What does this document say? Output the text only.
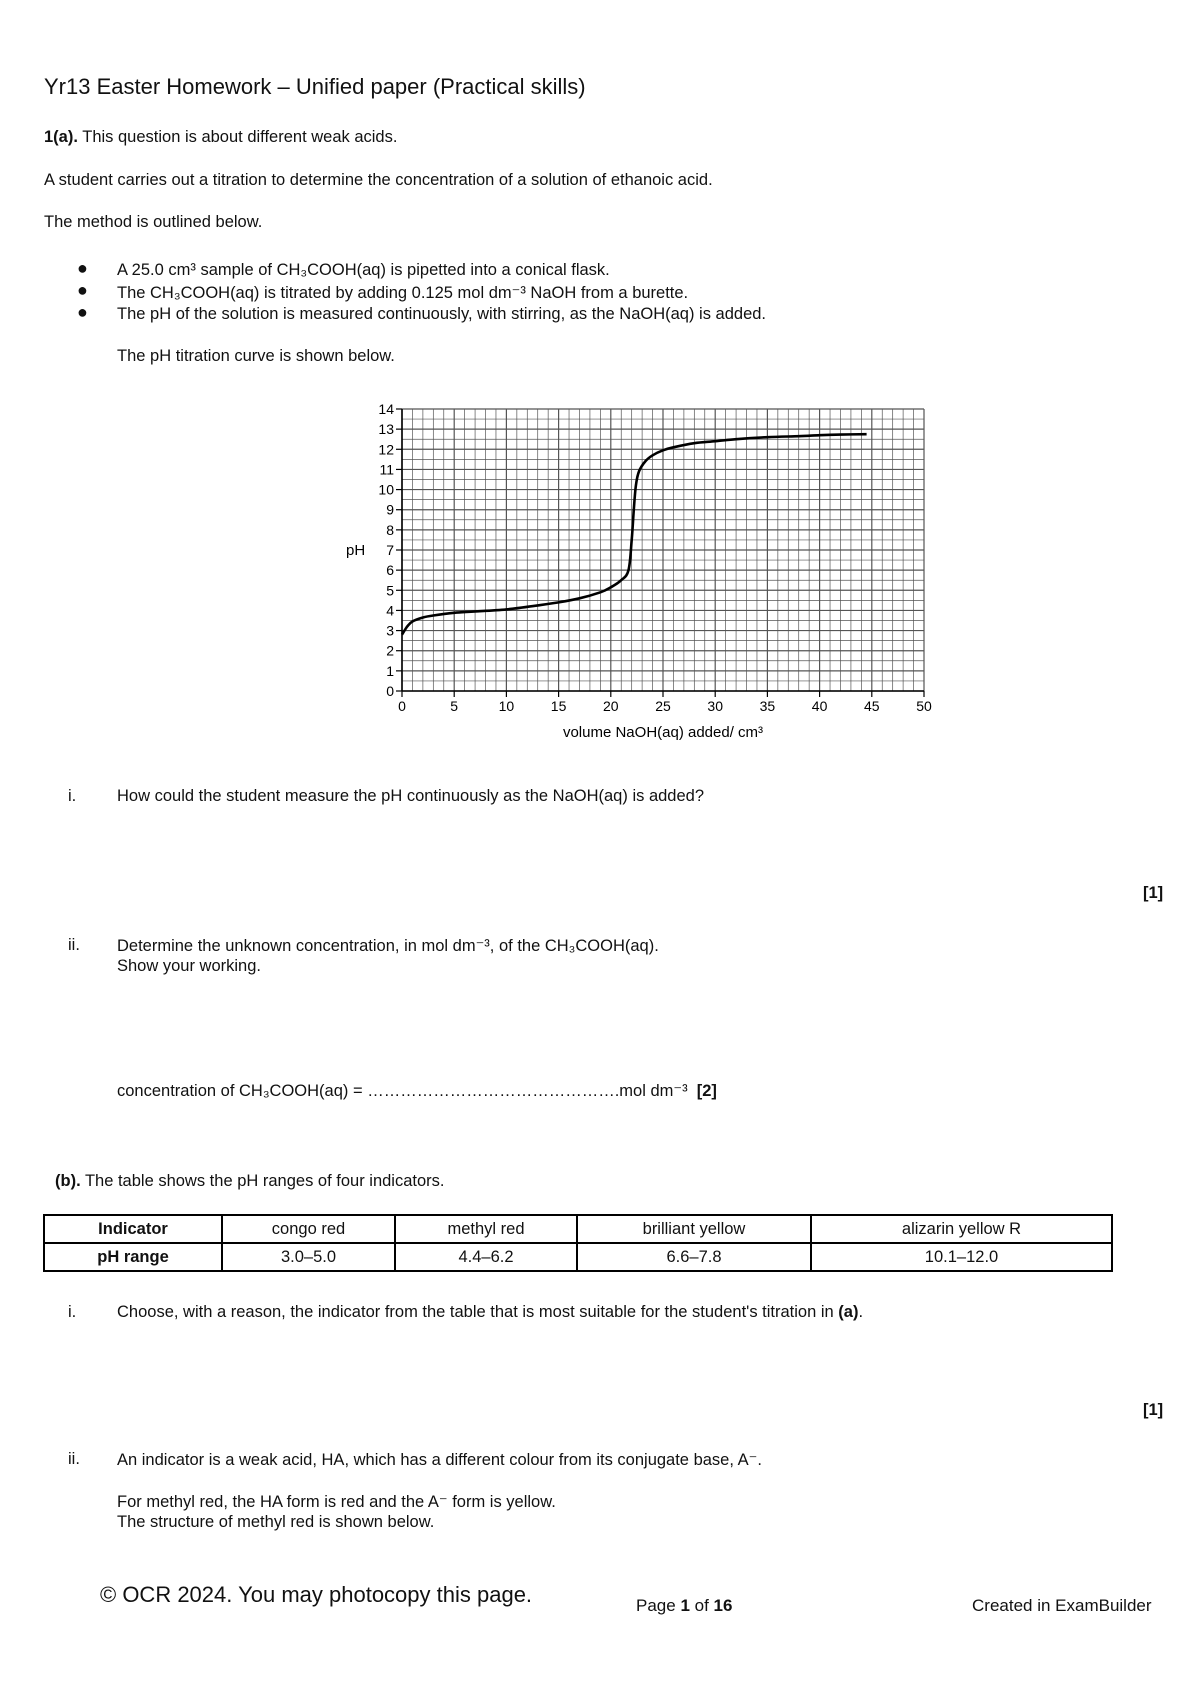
Yr13 Easter Homework – Unified paper (Practical skills)
1(a). This question is about different weak acids.
A student carries out a titration to determine the concentration of a solution of ethanoic acid.
The method is outlined below.
● A 25.0 cm³ sample of CH₃COOH(aq) is pipetted into a conical flask.
● The CH₃COOH(aq) is titrated by adding 0.125 mol dm⁻³ NaOH from a burette.
● The pH of the solution is measured continuously, with stirring, as the NaOH(aq) is added.
The pH titration curve is shown below.
0
1
2
3
4
5
6
7
8
9
10
11
12
13
14
0	5	10	15	20	25	30	35	40	45	50
pH
volume NaOH(aq) added/ cm³
i. How could the student measure the pH continuously as the NaOH(aq) is added?
[1]
ii. Determine the unknown concentration, in mol dm⁻³, of the CH₃COOH(aq).
Show your working.
concentration of CH₃COOH(aq) = ……………………………………….mol dm⁻³ [2]
(b). The table shows the pH ranges of four indicators.
Indicator	congo red	methyl red	brilliant yellow	alizarin yellow R
pH range	3.0–5.0	4.4–6.2	6.6–7.8	10.1–12.0
i. Choose, with a reason, the indicator from the table that is most suitable for the student's titration in (a).
[1]
ii. An indicator is a weak acid, HA, which has a different colour from its conjugate base, A⁻.
For methyl red, the HA form is red and the A⁻ form is yellow.
The structure of methyl red is shown below.
© OCR 2024. You may photocopy this page.	Page 1 of 16	Created in ExamBuilder
